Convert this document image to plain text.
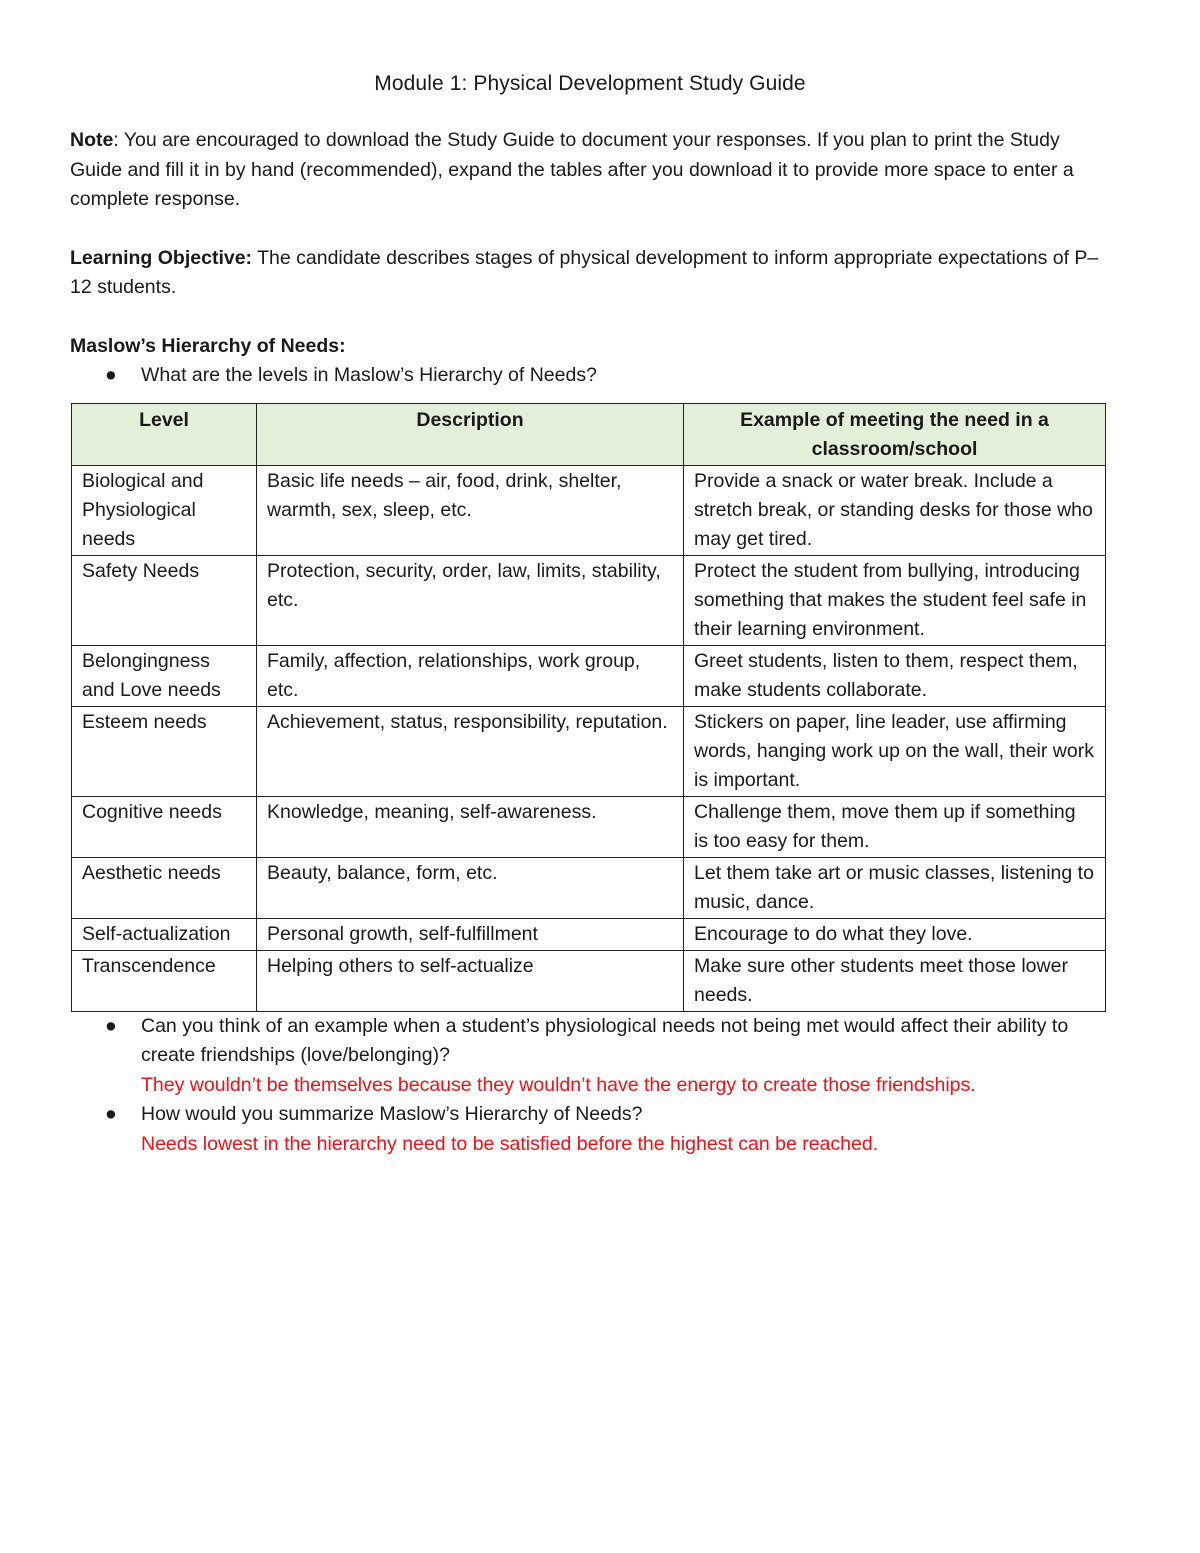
Module 1: Physical Development Study Guide

Note: You are encouraged to download the Study Guide to document your responses. If you plan to print the Study Guide and fill it in by hand (recommended), expand the tables after you download it to provide more space to enter a complete response.

Learning Objective: The candidate describes stages of physical development to inform appropriate expectations of P–12 students.

Maslow’s Hierarchy of Needs:

● What are the levels in Maslow’s Hierarchy of Needs?
Level	Description	Example of meeting the need in a classroom/school
Biological and Physiological needs	Basic life needs – air, food, drink, shelter, warmth, sex, sleep, etc.	Provide a snack or water break. Include a stretch break, or standing desks for those who may get tired.
Safety Needs	Protection, security, order, law, limits, stability, etc.	Protect the student from bullying, introducing something that makes the student feel safe in their learning environment.
Belongingness and Love needs	Family, affection, relationships, work group, etc.	Greet students, listen to them, respect them, make students collaborate.
Esteem needs	Achievement, status, responsibility, reputation.	Stickers on paper, line leader, use affirming words, hanging work up on the wall, their work is important.
Cognitive needs	Knowledge, meaning, self-awareness.	Challenge them, move them up if something is too easy for them.
Aesthetic needs	Beauty, balance, form, etc.	Let them take art or music classes, listening to music, dance.
Self-actualization	Personal growth, self-fulfillment	Encourage to do what they love.
Transcendence	Helping others to self-actualize	Make sure other students meet those lower needs.
● Can you think of an example when a student’s physiological needs not being met would affect their ability to create friendships (love/belonging)?
They wouldn’t be themselves because they wouldn’t have the energy to create those friendships.
● How would you summarize Maslow’s Hierarchy of Needs?
Needs lowest in the hierarchy need to be satisfied before the highest can be reached.
